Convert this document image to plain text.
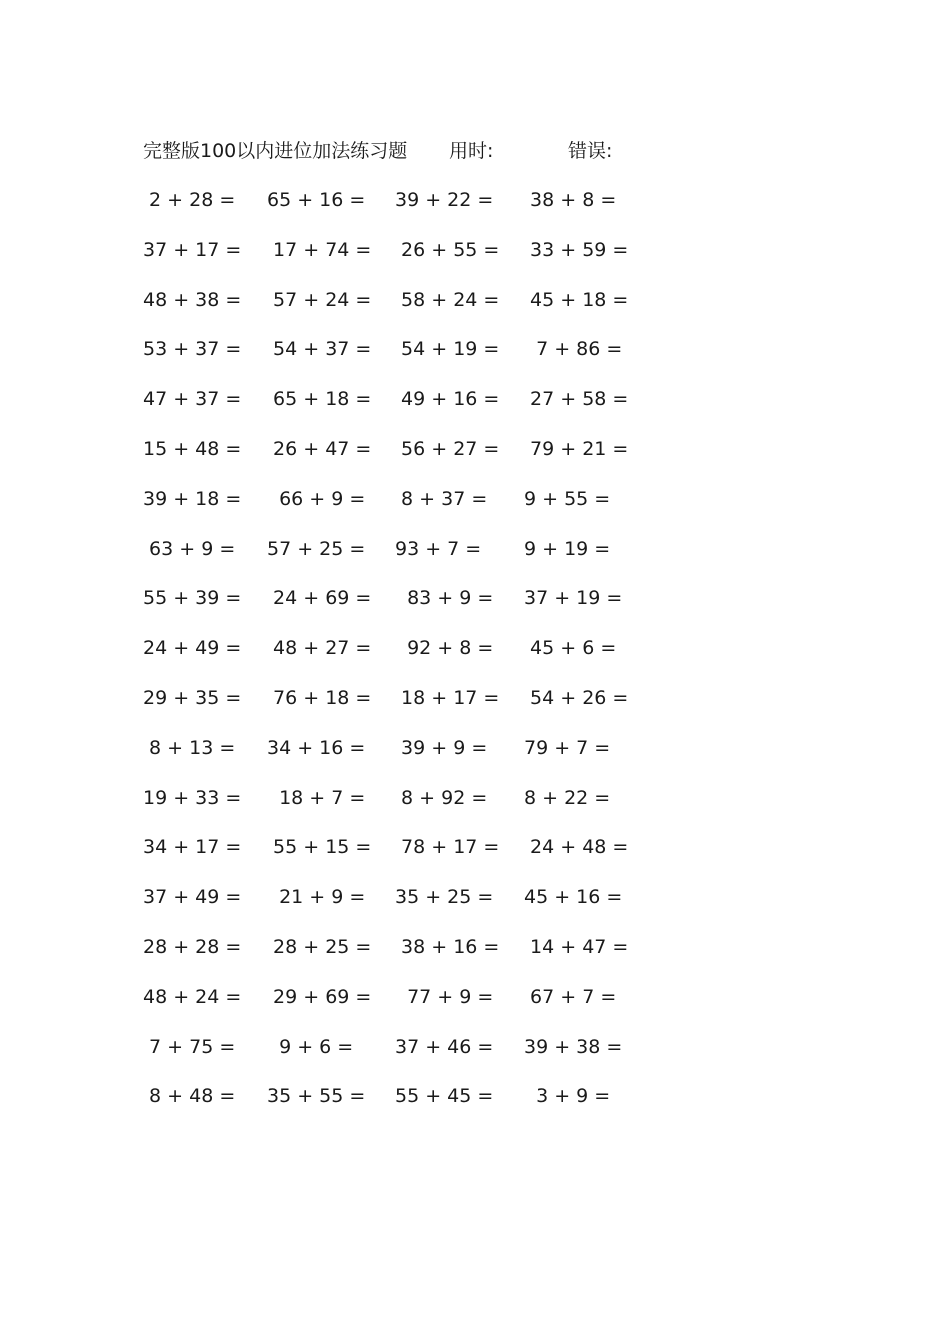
完整版100以内进位加法练习题 用时:	错误:
2 + 28 =	65 + 16 = 39 + 22 = 38 + 8 =
37 + 17 = 17 + 74 = 26 + 55 = 33 + 59 =
48 + 38 = 57 + 24 = 58 + 24 = 45 + 18 =
53 + 37 = 54 + 37 = 54 + 19 = 7 + 86 =
47 + 37 = 65 + 18 = 49 + 16 = 27 + 58 =
15 + 48 = 26 + 47 = 56 + 27 = 79 + 21 =
39 + 18 = 66 + 9 = 8 + 37 =	9 + 55 =
63 + 9 =	57 + 25 = 93 + 7 =	9 + 19 =
55 + 39 = 24 + 69 = 83 + 9 = 37 + 19 =
24 + 49 = 48 + 27 = 92 + 8 = 45 + 6 =
29 + 35 = 76 + 18 = 18 + 17 = 54 + 26 =
8 + 13 =	34 + 16 = 39 + 9 =	79 + 7 =
19 + 33 = 18 + 7 = 8 + 92 =	8 + 22 =
34 + 17 = 55 + 15 = 78 + 17 = 24 + 48 =
37 + 49 = 21 + 9 = 35 + 25 = 45 + 16 =
28 + 28 = 28 + 25 = 38 + 16 = 14 + 47 =
48 + 24 = 29 + 69 = 77 + 9 = 67 + 7 =
7 + 75 =	9 + 6 =	37 + 46 = 39 + 38 =
8 + 48 =	35 + 55 = 55 + 45 = 3 + 9 =
